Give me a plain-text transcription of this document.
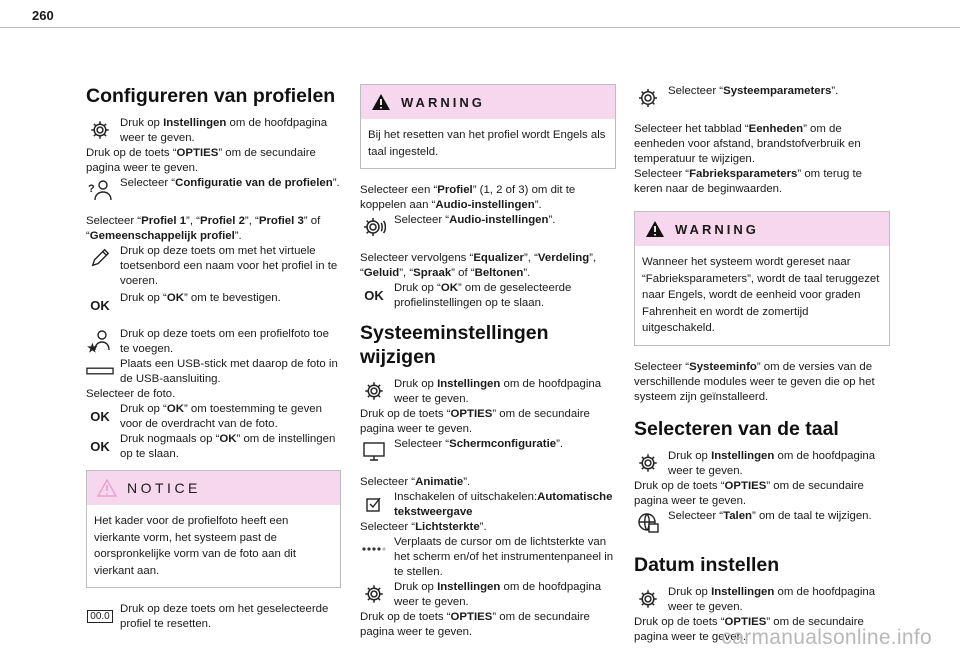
260
Configureren van profielen

Druk op Instellingen om de hoofdpagina weer te geven.

Druk op de toets “OPTIES” om de secundaire pagina weer te geven.

? Selecteer “Configuratie van de profielen”.

Selecteer “Profiel 1”, “Profiel 2”, “Profiel 3” of “Gemeenschappelijk profiel”.

Druk op deze toets om met het virtuele toetsenbord een naam voor het profiel in te voeren.

OK Druk op “OK” om te bevestigen.

★

Druk op deze toets om een profielfoto toe te voegen.

Plaats een USB-stick met daarop de foto in de USB-aansluiting.

Selecteer de foto.

OK Druk op “OK” om toestemming te geven voor de overdracht van de foto.

OK Druk nogmaals op “OK” om de instellingen op te slaan.

NOTICE
Het kader voor de profielfoto heeft een vierkante vorm, het systeem past de oorspronkelijke vorm van de foto aan dit vierkant aan.
00.0

Druk op deze toets om het geselecteerde profiel te resetten.

WARNING
Bij het resetten van het profiel wordt Engels als taal ingesteld.

Selecteer een “Profiel” (1, 2 of 3) om dit te koppelen aan “Audio-instellingen”.

Selecteer “Audio-instellingen”.

Selecteer vervolgens “Equalizer”, “Verdeling”, “Geluid”, “Spraak” of “Beltonen”.

OK Druk op “OK” om de geselecteerde profielinstellingen op te slaan.

Systeeminstellingen wijzigen

Druk op Instellingen om de hoofdpagina weer te geven.

Druk op de toets “OPTIES” om de secundaire pagina weer te geven.

Selecteer “Schermconfiguratie”.

Selecteer “Animatie”.

Inschakelen of uitschakelen:Automatische tekstweergave

Selecteer “Lichtsterkte”.

Verplaats de cursor om de lichtsterkte van het scherm en/of het instrumentenpaneel in te stellen.

Druk op Instellingen om de hoofdpagina weer te geven.

Druk op de toets “OPTIES” om de secundaire pagina weer te geven.

Selecteer “Systeemparameters”.

Selecteer het tabblad “Eenheden” om de eenheden voor afstand, brandstofverbruik en temperatuur te wijzigen.

Selecteer “Fabrieksparameters” om terug te keren naar de beginwaarden.

WARNING
Wanneer het systeem wordt gereset naar “Fabrieksparameters”, wordt de taal teruggezet naar Engels, wordt de eenheid voor graden Fahrenheit en wordt de zomertijd uitgeschakeld.

Selecteer “Systeeminfo” om de versies van de verschillende modules weer te geven die op het systeem zijn geïnstalleerd.

Selecteren van de taal

Druk op Instellingen om de hoofdpagina weer te geven.

Druk op de toets “OPTIES” om de secundaire pagina weer te geven.

Selecteer “Talen” om de taal te wijzigen.

Datum instellen

Druk op Instellingen om de hoofdpagina weer te geven.

Druk op de toets “OPTIES” om de secundaire pagina weer te geven.

carmanualsonline.info
